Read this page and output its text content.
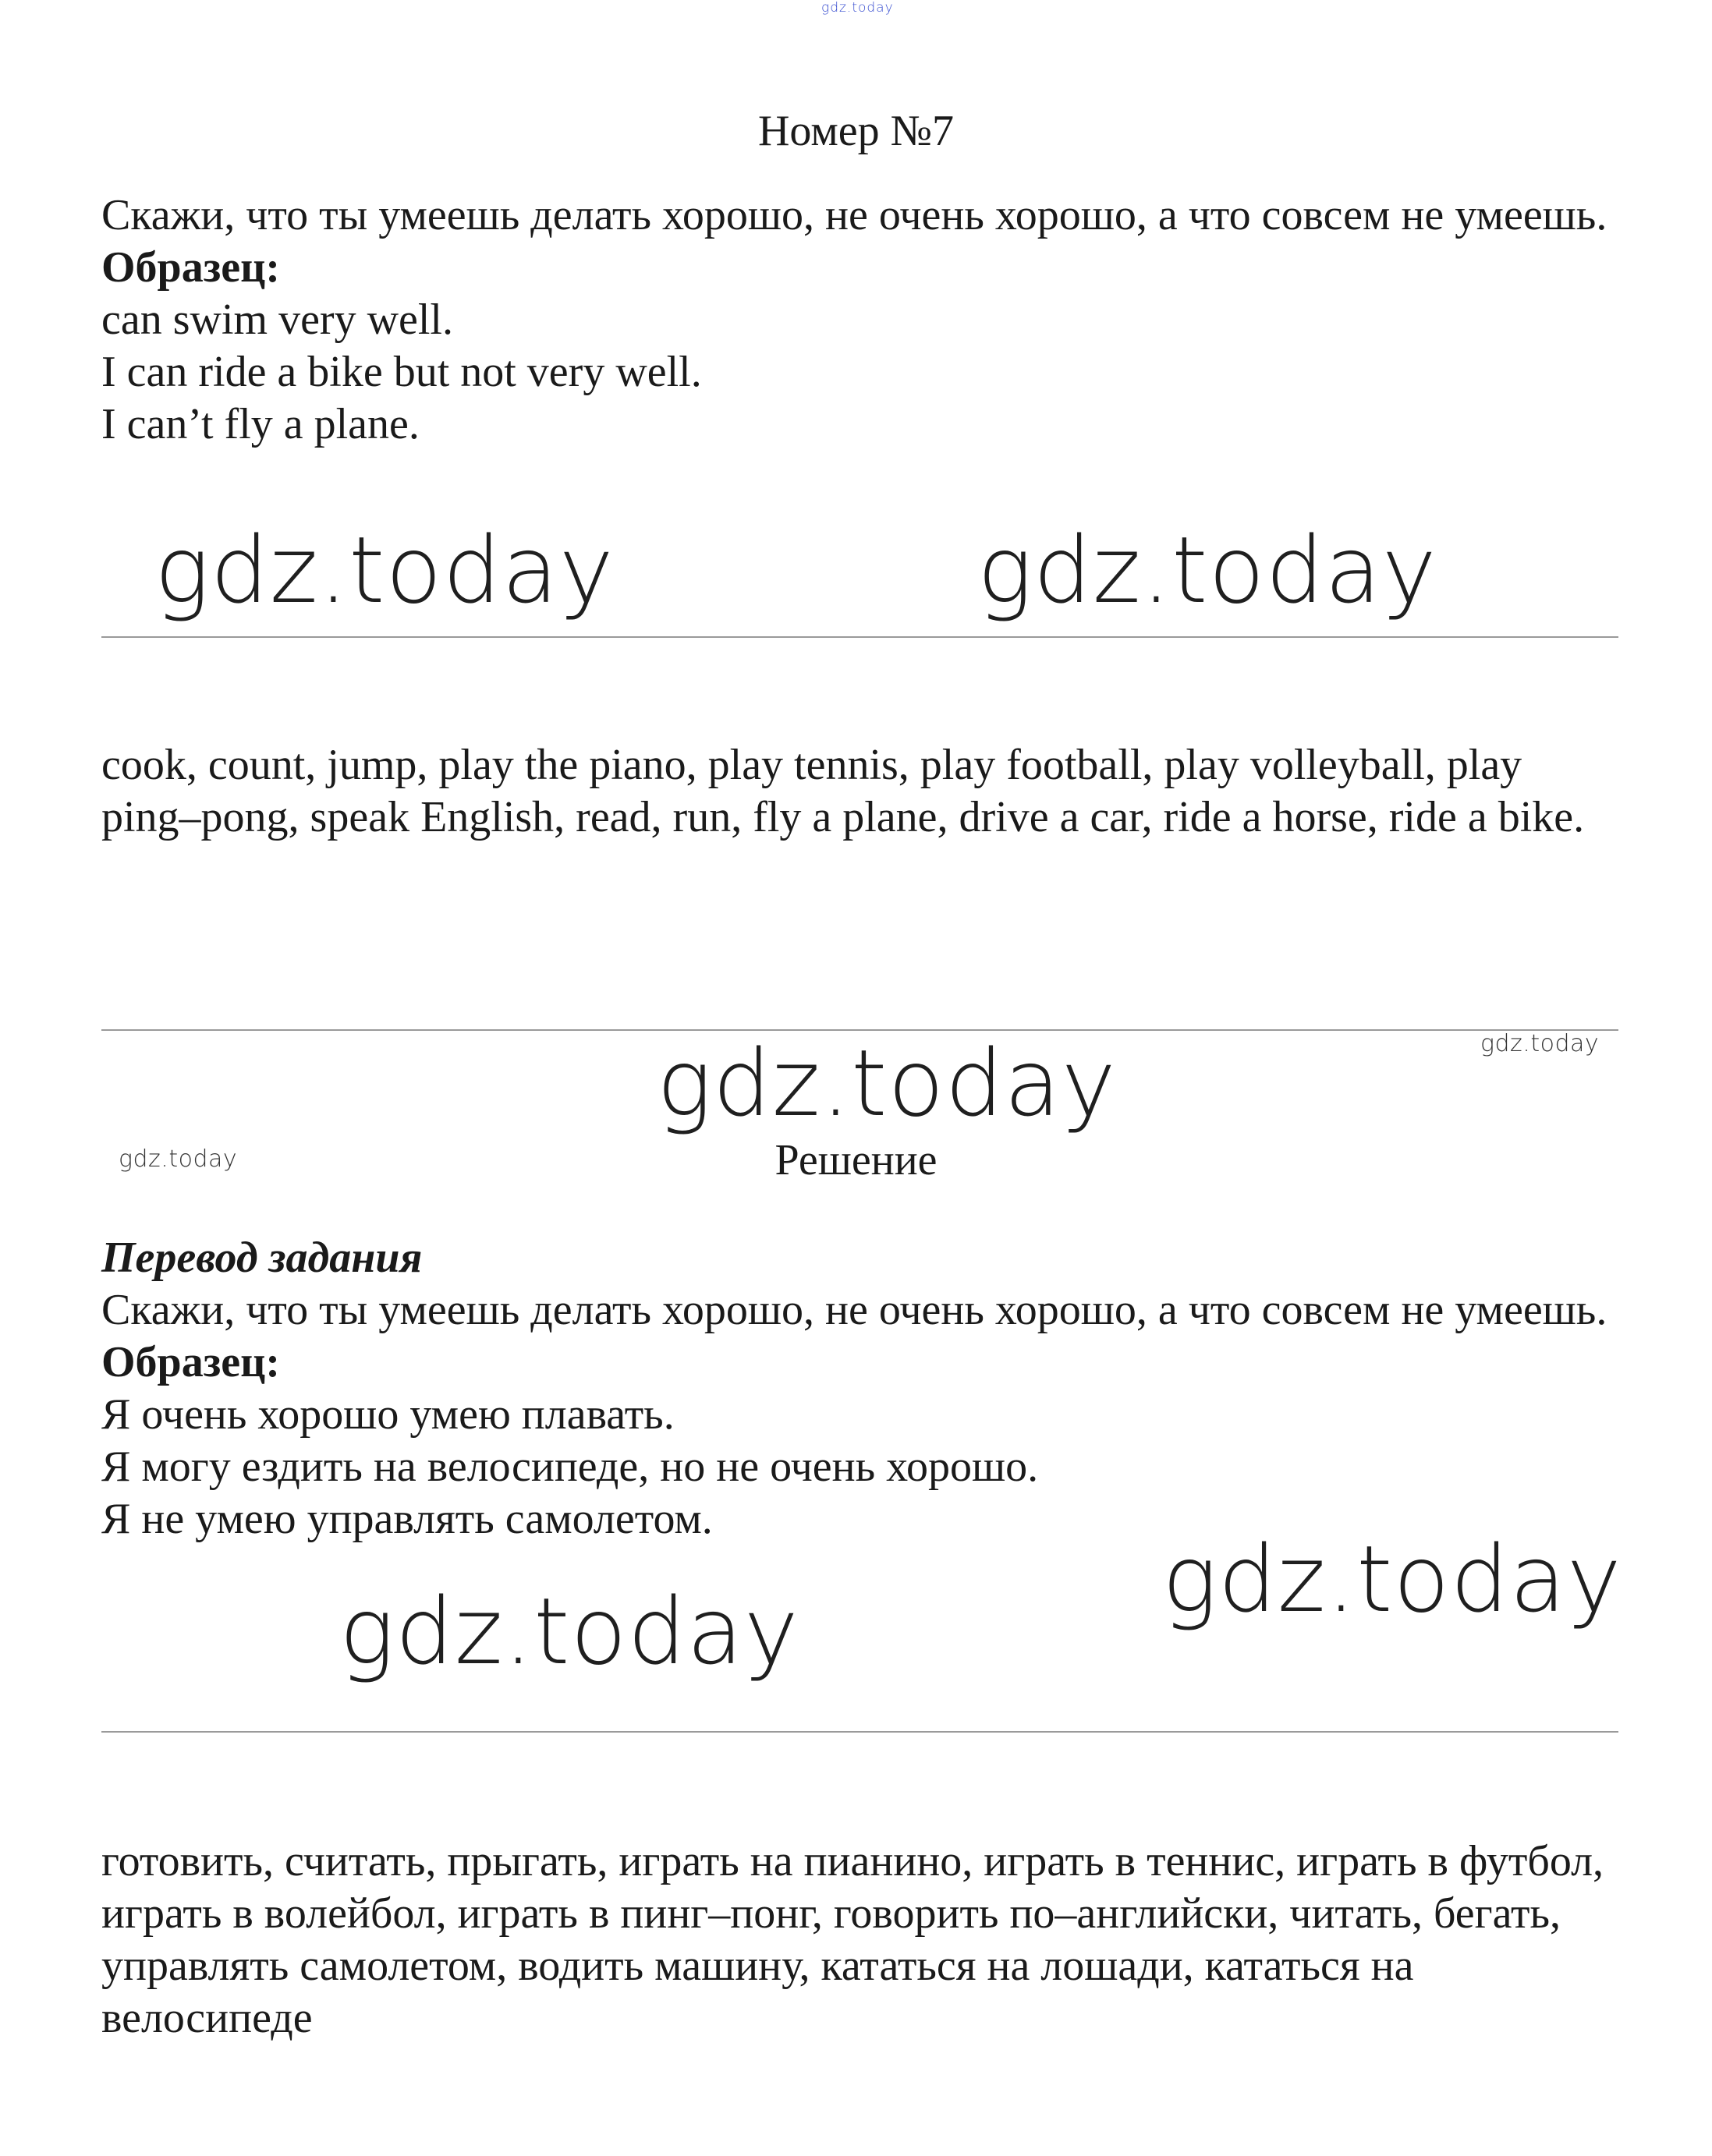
gdz.today
Номер №7

Скажи, что ты умеешь делать хорошо, не очень хорошо, а что совсем не умеешь.

Образец:

can swim very well.

I can ride a bike but not very well.

I can’t fly a plane.

gdz.today	gdz.today

cook, count, jump, play the piano, play tennis, play football, play volleyball, play ping–pong, speak English, read, run, fly a plane, drive a car, ride a horse, ride a bike.

gdz.today	gdz.today
gdz.today	Решение

Перевод задания

Скажи, что ты умеешь делать хорошо, не очень хорошо, а что совсем не умеешь.

Образец:

Я очень хорошо умею плавать.

Я могу ездить на велосипеде, но не очень хорошо.

Я не умею управлять самолетом.

gdz.today
gdz.today

готовить, считать, прыгать, играть на пианино, играть в теннис, играть в футбол, играть в волейбол, играть в пинг–понг, говорить по–английски, читать, бегать, управлять самолетом, водить машину, кататься на лошади, кататься на велосипеде
